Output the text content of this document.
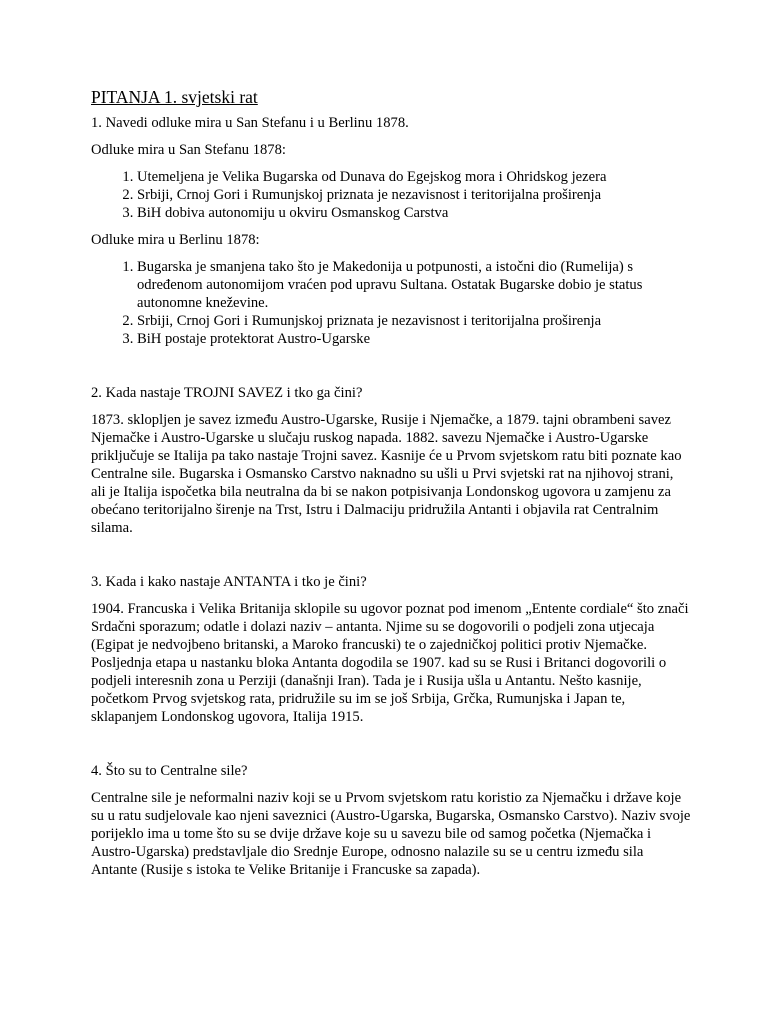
PITANJA 1. svjetski rat

1. Navedi odluke mira u San Stefanu i u Berlinu 1878.

Odluke mira u San Stefanu 1878:

1. Utemeljena je Velika Bugarska od Dunava do Egejskog mora i Ohridskog jezera
2. Srbiji, Crnoj Gori i Rumunjskoj priznata je nezavisnost i teritorijalna proširenja
3. BiH dobiva autonomiju u okviru Osmanskog Carstva

Odluke mira u Berlinu 1878:

1. Bugarska je smanjena tako što je Makedonija u potpunosti, a istočni dio (Rumelija) s određenom autonomijom vraćen pod upravu Sultana. Ostatak Bugarske dobio je status autonomne kneževine.
2. Srbiji, Crnoj Gori i Rumunjskoj priznata je nezavisnost i teritorijalna proširenja
3. BiH postaje protektorat Austro-Ugarske

2. Kada nastaje TROJNI SAVEZ i tko ga čini?

1873. sklopljen je savez između Austro-Ugarske, Rusije i Njemačke, a 1879. tajni obrambeni savez Njemačke i Austro-Ugarske u slučaju ruskog napada. 1882. savezu Njemačke i Austro-Ugarske priključuje se Italija pa tako nastaje Trojni savez. Kasnije će u Prvom svjetskom ratu biti poznate kao Centralne sile. Bugarska i Osmansko Carstvo naknadno su ušli u Prvi svjetski rat na njihovoj strani, ali je Italija ispočetka bila neutralna da bi se nakon potpisivanja Londonskog ugovora u zamjenu za obećano teritorijalno širenje na Trst, Istru i Dalmaciju pridružila Antanti i objavila rat Centralnim silama.

3. Kada i kako nastaje ANTANTA i tko je čini?

1904. Francuska i Velika Britanija sklopile su ugovor poznat pod imenom „Entente cordiale“ što znači Srdačni sporazum; odatle i dolazi naziv – antanta. Njime su se dogovorili o podjeli zona utjecaja (Egipat je nedvojbeno britanski, a Maroko francuski) te o zajedničkoj politici protiv Njemačke. Posljednja etapa u nastanku bloka Antanta dogodila se 1907. kad su se Rusi i Britanci dogovorili o podjeli interesnih zona u Perziji (današnji Iran). Tada je i Rusija ušla u Antantu. Nešto kasnije, početkom Prvog svjetskog rata, pridružile su im se još Srbija, Grčka, Rumunjska i Japan te, sklapanjem Londonskog ugovora, Italija 1915.

4. Što su to Centralne sile?

Centralne sile je neformalni naziv koji se u Prvom svjetskom ratu koristio za Njemačku i države koje su u ratu sudjelovale kao njeni saveznici (Austro-Ugarska, Bugarska, Osmansko Carstvo). Naziv svoje porijeklo ima u tome što su se dvije države koje su u savezu bile od samog početka (Njemačka i Austro-Ugarska) predstavljale dio Srednje Europe, odnosno nalazile su se u centru između sila Antante (Rusije s istoka te Velike Britanije i Francuske sa zapada).
